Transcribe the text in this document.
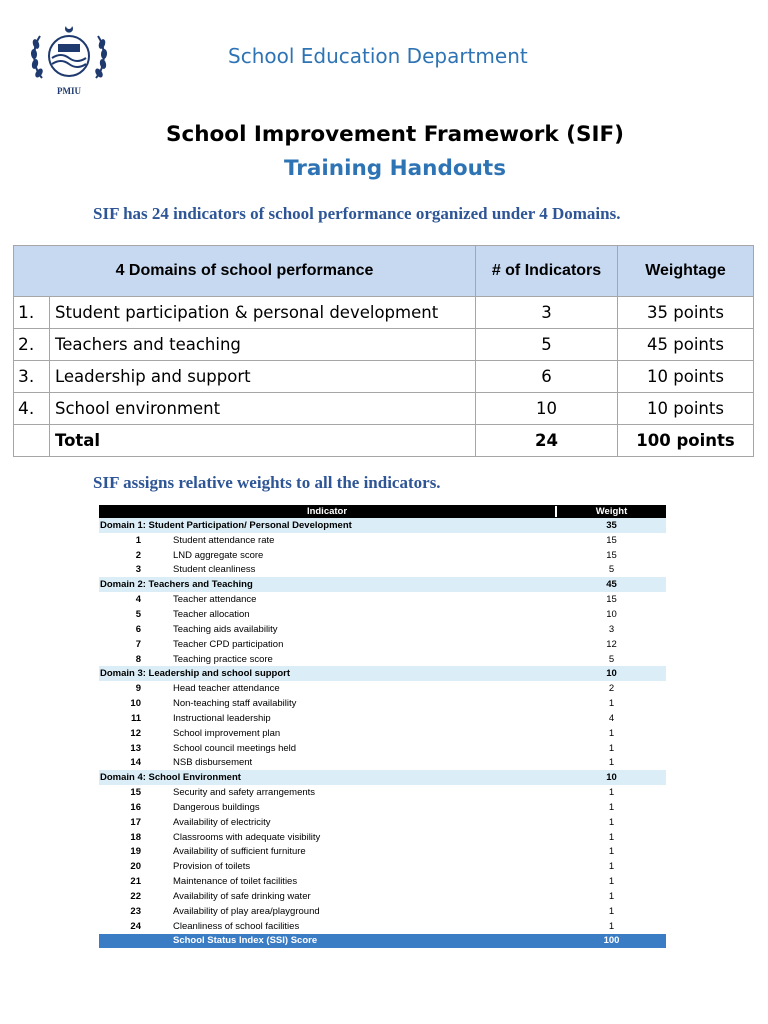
PMIU
School Education Department
School Improvement Framework (SIF)
Training Handouts
SIF has 24 indicators of school performance organized under 4 Domains.
4 Domains of school performance		# of Indicators	Weightage
1.	Student participation & personal development	3	35 points
2.	Teachers and teaching	5	45 points
3.	Leadership and support	6	10 points
4.	School environment	10	10 points
	Total	24	100 points
SIF assigns relative weights to all the indicators.
Indicator	Weight
Domain 1: Student Participation/ Personal Development	35
1	Student attendance rate	15
2	LND aggregate score	15
3	Student cleanliness	5
Domain 2: Teachers and Teaching	45
4	Teacher attendance	15
5	Teacher allocation	10
6	Teaching aids availability	3
7	Teacher CPD participation	12
8	Teaching practice score	5
Domain 3: Leadership and school support	10
9	Head teacher attendance	2
10	Non-teaching staff availability	1
11	Instructional leadership	4
12	School improvement plan	1
13	School council meetings held	1
14	NSB disbursement	1
Domain 4: School Environment	10
15	Security and safety arrangements	1
16	Dangerous buildings	1
17	Availability of electricity	1
18	Classrooms with adequate visibility	1
19	Availability of sufficient furniture	1
20	Provision of toilets	1
21	Maintenance of toilet facilities	1
22	Availability of safe drinking water	1
23	Availability of play area/playground	1
24	Cleanliness of school facilities	1
School Status Index (SSI) Score	100
